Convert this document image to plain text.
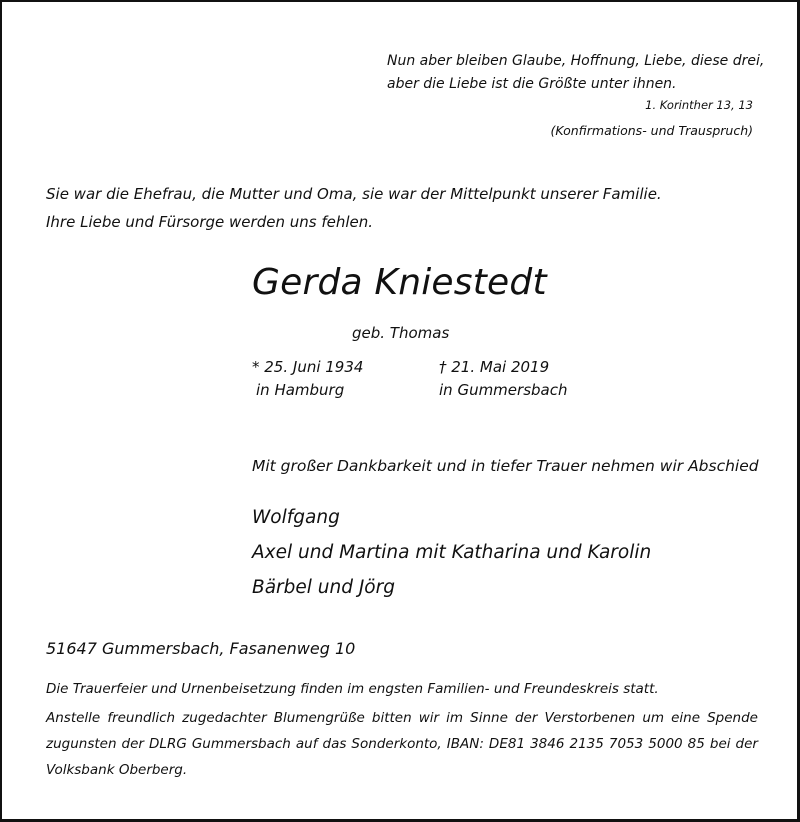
Nun aber bleiben Glaube, Hoffnung, Liebe, diese drei,
aber die Liebe ist die Größte unter ihnen.
1. Korinther 13, 13
(Konfirmations- und Trauspruch)
Sie war die Ehefrau, die Mutter und Oma, sie war der Mittelpunkt unserer Familie.
Ihre Liebe und Fürsorge werden uns fehlen.
Gerda Kniestedt
geb. Thomas
* 25. Juni 1934
in Hamburg
† 21. Mai 2019
in Gummersbach
Mit großer Dankbarkeit und in tiefer Trauer nehmen wir Abschied
Wolfgang
Axel und Martina mit Katharina und Karolin
Bärbel und Jörg
51647 Gummersbach, Fasanenweg 10
Die Trauerfeier und Urnenbeisetzung finden im engsten Familien- und Freundeskreis statt.
Anstelle freundlich zugedachter Blumengrüße bitten wir im Sinne der Verstorbenen um eine Spende zugunsten der DLRG Gummersbach auf das Sonderkonto, IBAN: DE81 3846 2135 7053 5000 85 bei der Volksbank Oberberg.
